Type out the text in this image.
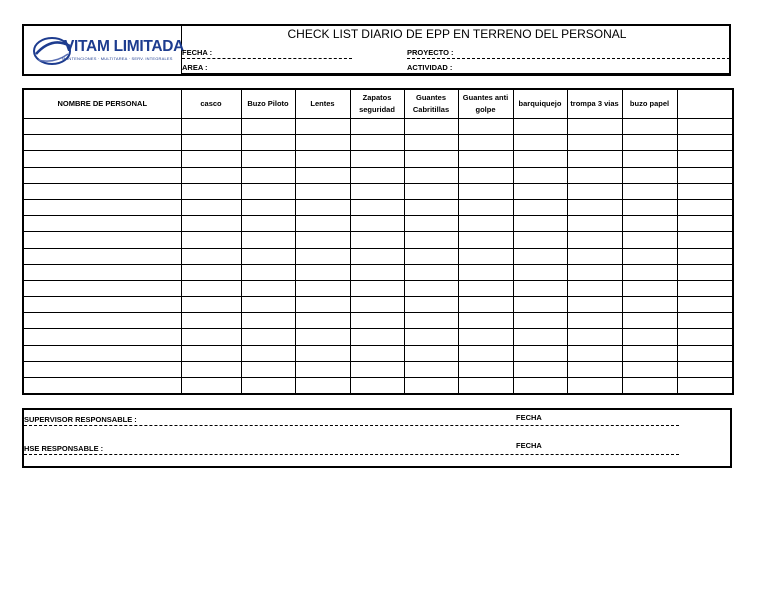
VITAM LIMITADA
MANTENCIONES · MULTITAREA · SERV. INTEGRALES
CHECK LIST DIARIO DE EPP EN TERRENO DEL PERSONAL
FECHA :	PROYECTO :
AREA :	ACTIVIDAD :
NOMBRE DE PERSONAL	casco	Buzo Piloto	Lentes	Zapatos seguridad	Guantes Cabritillas	Guantes anti golpe	barquiquejo	trompa 3 vias	buzo papel	

SUPERVISOR RESPONSABLE :	FECHA
HSE RESPONSABLE :	FECHA
